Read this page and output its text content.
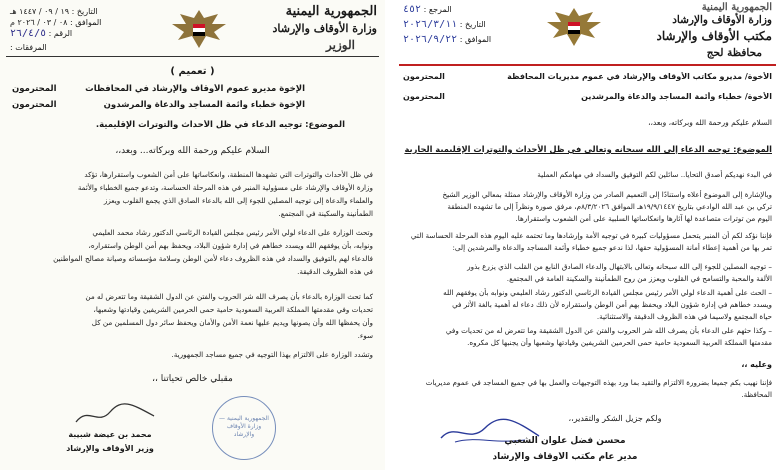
الجمهورية اليمنية
وزارة الأوقاف والإرشاد
الوزير
التاريخ : ١٩ / ٠٩ / ١٤٤٧ هـ
الموافق : ٠٨ / ٠٣ / ٢٠٢٦ م
الرقم : ٢٦/٤/٥
المرفقات :
( تعميم )
الإخوة مديرو عموم الأوقاف والإرشاد في المحافظات
المحترمون
الإخوة خطباء وأئمة المساجد والدعاة والمرشدون
المحترمون
الموضوع: توجيه الدعاء في ظل الأحداث والتوترات الإقليمية.
السلام عليكم ورحمة الله وبركاته... وبعد،،
في ظل الأحداث والتوترات التي تشهدها المنطقة، وانعكاساتها على أمن الشعوب واستقرارها، تؤكد
وزارة الأوقاف والإرشاد على مسؤولية المنبر في هذه المرحلة الحساسة، وتدعو جميع الخطباء والأئمة
والعلماء والدعاة إلى توجيه المصلين للجوء إلى الله بالدعاء الصادق الذي يجمع القلوب ويعزز
الطمأنينة والسكينة في المجتمع.
وتحث الوزارة على الدعاء لولي الأمر رئيس مجلس القيادة الرئاسي الدكتور رشاد محمد العليمي
ونوابه، بأن يوفقهم الله ويسدد خطاهم في إدارة شؤون البلاد، ويحفظ بهم أمن الوطن واستقراره،
فالدعاء لهم بالتوفيق والسداد في هذه الظروف دعاء لأمن الوطن وسلامة مؤسساته وصيانة مصالح المواطنين
في هذه الظروف الدقيقة.
كما تحث الوزارة بالدعاء بأن يصرف الله شر الحروب والفتن عن الدول الشقيقة وما تتعرض له من
تحديات وفي مقدمتها المملكة العربية السعودية حامية حمى الحرمين الشريفين وقيادتها وشعبها،
وأن يحفظها الله وأن يصونها ويديم عليها نعمة الأمن والأمان ويحفظ سائر دول المسلمين من كل
سوء.
وتشدد الوزارة على الالتزام بهذا التوجيه في جميع مساجد الجمهورية.
مقبلي خالص تحياتنا ،،
الجمهورية اليمنية — وزارة الأوقاف والإرشاد
محمد بن عيضة شبيبة
وزير الأوقاف والإرشاد
الجمهورية اليمنية
وزارة الأوقاف والإرشاد
مكتب الأوقاف والإرشاد
محافظة لحج
المرجع : ٤٥٢
التاريخ : ٢٠٢٦/٣/١١
الموافق : ٢٠٢٦/٩/٢٢
الأخوة/ مديرو مكاتب الأوقاف والإرشاد في عموم مديريات المحافظة
المحترمون
الأخوة/ خطباء وأئمة المساجد والدعاة والمرشدين
المحترمون
السلام عليكم ورحمة الله وبركاته، وبعد،،
الموضوع: توجيه الدعاء إلى الله سبحانه وتعالى في ظل الأحداث والتوترات الإقليمية الجارية
في البدء نهديكم أصدق التحايا.. سائلين لكم التوفيق والسداد في مهامكم العملية
وبالإشارة إلى الموضوع أعلاه واستنادًا إلى التعميم الصادر من وزارة الأوقاف والإرشاد ممثلة بمعالي الوزير الشيخ
تركي بن عبد الله الوادعي بتاريخ ١٩/٩/١٤٤٧هـ الموافق ٨/٣/٢٠٢٦م، مرفق صورة ونظراً إلى ما تشهده المنطقة
اليوم من توترات متصاعدة لها آثارها وانعكاساتها السلبية على أمن الشعوب واستقرارها.
فإننا نؤكد لكم أن المنبر يتحمل مسؤوليات كبيرة في توجيه الأمة وإرشادها وما تحتمه عليه اليوم هذه المرحلة الحساسة التي
تمر بها من أهمية إعطاء أمانة المسؤولية حقها، لذا ندعو جميع خطباء وأئمة المساجد والدعاة والمرشدين إلى:
– توجيه المصلين للجوء إلى الله سبحانه وتعالى بالابتهال والدعاء الصادق النابع من القلب الذي يزرع بذور
الألفة والمحبة والتسامح في القلوب ويعزز من روح الطمأنينة والسكينة العامة في المجتمع.
– الحث على أهمية الدعاء لولي الأمر رئيس مجلس القيادة الرئاسي الدكتور رشاد العليمي ونوابه بأن يوفقهم الله
ويسدد خطاهم في إدارة شؤون البلاد ويحفظ بهم أمن الوطن واستقراره لأن ذلك دعاء له أهمية بالغة الأثر في
حياة المجتمع ولاسيما في هذه الظروف الدقيقة والاستثنائية.
– وكذا حثهم على الدعاء بأن يصرف الله شر الحروب والفتن عن الدول الشقيقة وما تتعرض له من تحديات وفي
مقدمتها المملكة العربية السعودية حامية حمى الحرمين الشريفين وقيادتها وشعبها وأن يجنبها كل مكروه.
وعليه ،،
فإننا نهيب بكم جميعا بضرورة الالتزام والتقيد بما ورد بهذه التوجيهات والعمل بها في جميع المساجد في عموم مديريات
المحافظة.
ولكم جزيل الشكر والتقدير،،
محسن فضل علوان الشعبي
مدير عام مكتب الأوقاف والإرشاد
